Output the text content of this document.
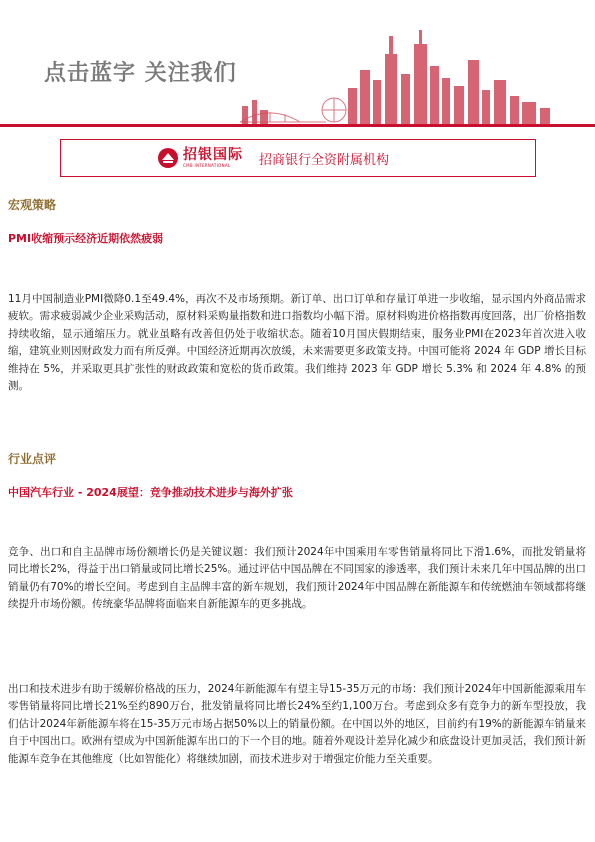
点击蓝字 关注我们
招银国际
CMB INTERNATIONAL	招商银行全资附属机构
宏观策略
PMI收缩预示经济近期依然疲弱
11月中国制造业PMI微降0.1至49.4%，再次不及市场预期。新订单、出口订单和存量订单进一步收缩，显示国内外商品需求疲软。需求疲弱减少企业采购活动，原材料采购量指数和进口指数均小幅下滑。原材料购进价格指数再度回落，出厂价格指数持续收缩，显示通缩压力。就业虽略有改善但仍处于收缩状态。随着10月国庆假期结束，服务业PMI在2023年首次进入收缩，建筑业则因财政发力而有所反弹。中国经济近期再次放缓，未来需要更多政策支持。中国可能将 2024 年 GDP 增长目标维持在 5%，并采取更具扩张性的财政政策和宽松的货币政策。我们维持 2023 年 GDP 增长 5.3% 和 2024 年 4.8% 的预测。
行业点评
中国汽车行业 - 2024展望：竞争推动技术进步与海外扩张
竞争、出口和自主品牌市场份额增长仍是关键议题：我们预计2024年中国乘用车零售销量将同比下滑1.6%，而批发销量将同比增长2%，得益于出口销量或同比增长25%。通过评估中国品牌在不同国家的渗透率，我们预计未来几年中国品牌的出口销量仍有70%的增长空间。考虑到自主品牌丰富的新车规划，我们预计2024年中国品牌在新能源车和传统燃油车领域都将继续提升市场份额。传统豪华品牌将面临来自新能源车的更多挑战。
出口和技术进步有助于缓解价格战的压力，2024年新能源车有望主导15-35万元的市场：我们预计2024年中国新能源乘用车零售销量将同比增长21%至约890万台，批发销量将同比增长24%至约1,100万台。考虑到众多有竞争力的新车型投放，我们估计2024年新能源车将在15-35万元市场占据50%以上的销量份额。在中国以外的地区，目前约有19%的新能源车销量来自于中国出口。欧洲有望成为中国新能源车出口的下一个目的地。随着外观设计差异化减少和底盘设计更加灵活，我们预计新能源车竞争在其他维度（比如智能化）将继续加剧，而技术进步对于增强定价能力至关重要。
